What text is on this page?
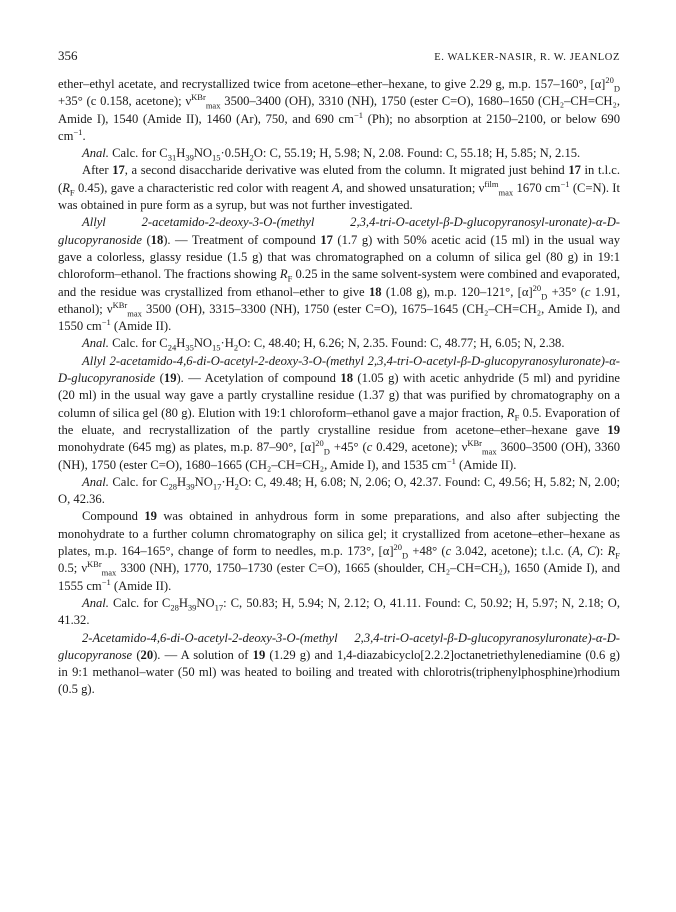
356	E. WALKER-NASIR, R. W. JEANLOZ

ether–ethyl acetate, and recrystallized twice from acetone–ether–hexane, to give 2.29 g, m.p. 157–160°, $[\alpha]^{20}_D +35^\circ$ (c 0.158, acetone); $\nu^{KBr}_{max}$ 3500–3400 (OH), 3310 (NH), 1750 (ester C=O), 1680–1650 (CH₂–CH=CH₂, Amide I), 1540 (Amide II), 1460 (Ar), 750, and 690 $cm^{-1}$ (Ph); no absorption at 2150–2100, or below 690 $cm^{-1}$.

Anal. Calc. for $C_{31}H_{39}NO_{15}\cdot 0.5H_2O$: C, 55.19; H, 5.98; N, 2.08. Found: C, 55.18; H, 5.85; N, 2.15.

After 17, a second disaccharide derivative was eluted from the column. It migrated just behind 17 in t.l.c. ($R_F$ 0.45), gave a characteristic red color with reagent A, and showed unsaturation; $\nu^{film}_{max}$ 1670 $cm^{-1}$ (C=N). It was obtained in pure form as a syrup, but was not further investigated.

Allyl 2-acetamido-2-deoxy-3-O-(methyl 2,3,4-tri-O-acetyl-β-D-glucopyranosyl-uronate)-α-D-glucopyranoside (18). — Treatment of compound 17 (1.7 g) with 50% acetic acid (15 ml) in the usual way gave a colorless, glassy residue (1.5 g) that was chromatographed on a column of silica gel (80 g) in 19:1 chloroform–ethanol. The fractions showing $R_F$ 0.25 in the same solvent-system were combined and evaporated, and the residue was crystallized from ethanol–ether to give 18 (1.08 g), m.p. 120–121°, $[\alpha]^{20}_D +35^\circ$ (c 1.91, ethanol); $\nu^{KBr}_{max}$ 3500 (OH), 3315–3300 (NH), 1750 (ester C=O), 1675–1645 (CH₂–CH=CH₂, Amide I), and 1550 $cm^{-1}$ (Amide II).

Anal. Calc. for $C_{24}H_{35}NO_{15}\cdot H_2O$: C, 48.40; H, 6.26; N, 2.35. Found: C, 48.77; H, 6.05; N, 2.38.

Allyl 2-acetamido-4,6-di-O-acetyl-2-deoxy-3-O-(methyl 2,3,4-tri-O-acetyl-β-D-glucopyranosyluronate)-α-D-glucopyranoside (19). — Acetylation of compound 18 (1.05 g) with acetic anhydride (5 ml) and pyridine (20 ml) in the usual way gave a partly crystalline residue (1.37 g) that was purified by chromatography on a column of silica gel (80 g). Elution with 19:1 chloroform–ethanol gave a major fraction, $R_F$ 0.5. Evaporation of the eluate, and recrystallization of the partly crystalline residue from acetone–ether–hexane gave 19 monohydrate (645 mg) as plates, m.p. 87–90°, $[\alpha]^{20}_D +45^\circ$ (c 0.429, acetone); $\nu^{KBr}_{max}$ 3600–3500 (OH), 3360 (NH), 1750 (ester C=O), 1680–1665 (CH₂–CH=CH₂, Amide I), and 1535 $cm^{-1}$ (Amide II).

Anal. Calc. for $C_{28}H_{39}NO_{17}\cdot H_2O$: C, 49.48; H, 6.08; N, 2.06; O, 42.37. Found: C, 49.56; H, 5.82; N, 2.00; O, 42.36.

Compound 19 was obtained in anhydrous form in some preparations, and also after subjecting the monohydrate to a further column chromatography on silica gel; it crystallized from acetone–ether–hexane as plates, m.p. 164–165°, change of form to needles, m.p. 173°, $[\alpha]^{20}_D +48^\circ$ (c 3.042, acetone); t.l.c. (A, C): $R_F$ 0.5; $\nu^{KBr}_{max}$ 3300 (NH), 1770, 1750–1730 (ester C=O), 1665 (shoulder, CH₂–CH=CH₂), 1650 (Amide I), and 1555 $cm^{-1}$ (Amide II).

Anal. Calc. for $C_{28}H_{39}NO_{17}$: C, 50.83; H, 5.94; N, 2.12; O, 41.11. Found: C, 50.92; H, 5.97; N, 2.18; O, 41.32.

2-Acetamido-4,6-di-O-acetyl-2-deoxy-3-O-(methyl 2,3,4-tri-O-acetyl-β-D-glucopyranosyluronate)-α-D-glucopyranose (20). — A solution of 19 (1.29 g) and 1,4-diazabicyclo[2.2.2]octanetriethylenediamine (0.6 g) in 9:1 methanol–water (50 ml) was heated to boiling and treated with chlorotris(triphenylphosphine)rhodium (0.5 g).
